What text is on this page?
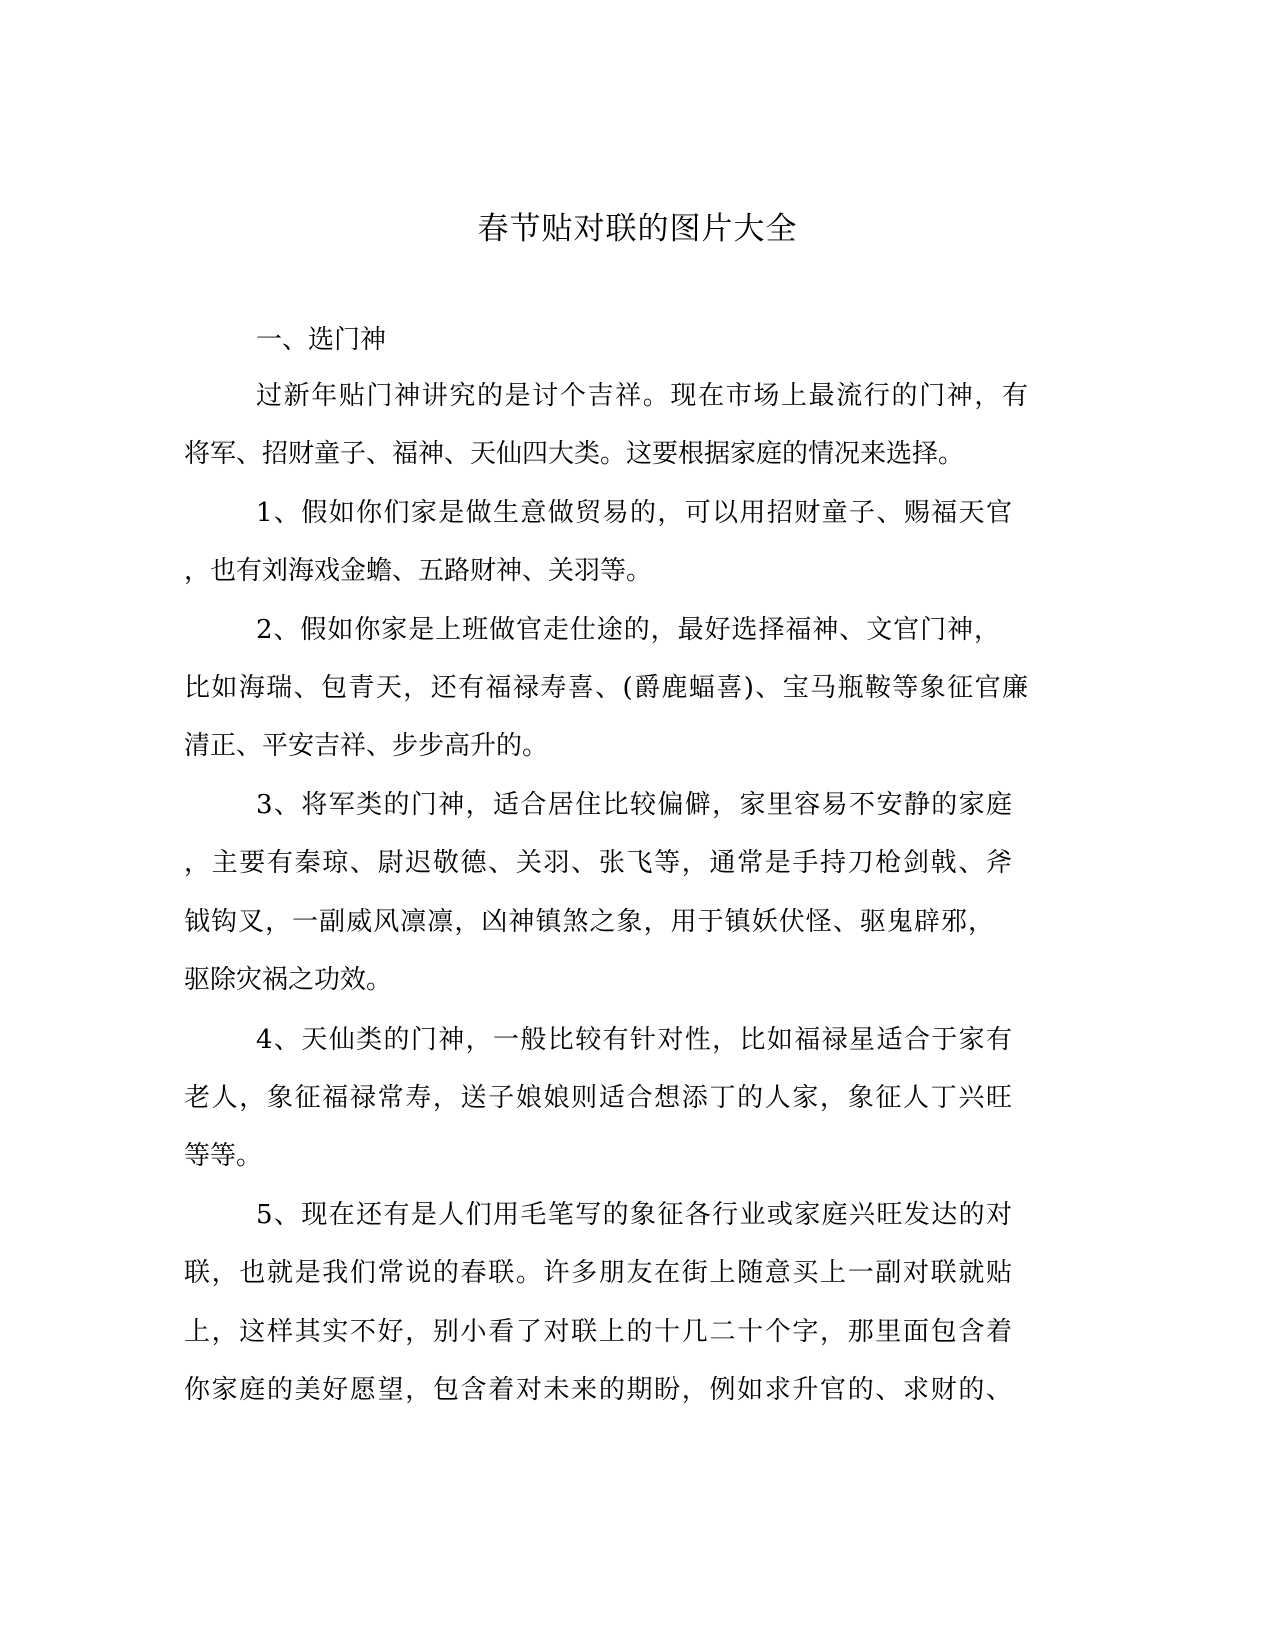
春节贴对联的图片大全
一、选门神
过新年贴门神讲究的是讨个吉祥。现在市场上最流行的门神，有
将军、招财童子、福神、天仙四大类。这要根据家庭的情况来选择。
1、假如你们家是做生意做贸易的，可以用招财童子、赐福天官
，也有刘海戏金蟾、五路财神、关羽等。
2、假如你家是上班做官走仕途的，最好选择福神、文官门神，
比如海瑞、包青天，还有福禄寿喜、(爵鹿蝠喜)、宝马瓶鞍等象征官廉
清正、平安吉祥、步步高升的。
3、将军类的门神，适合居住比较偏僻，家里容易不安静的家庭
，主要有秦琼、尉迟敬德、关羽、张飞等，通常是手持刀枪剑戟、斧
钺钩叉，一副威风凛凛，凶神镇煞之象，用于镇妖伏怪、驱鬼辟邪，
驱除灾祸之功效。
4、天仙类的门神，一般比较有针对性，比如福禄星适合于家有
老人，象征福禄常寿，送子娘娘则适合想添丁的人家，象征人丁兴旺
等等。
5、现在还有是人们用毛笔写的象征各行业或家庭兴旺发达的对
联，也就是我们常说的春联。许多朋友在街上随意买上一副对联就贴
上，这样其实不好，别小看了对联上的十几二十个字，那里面包含着
你家庭的美好愿望，包含着对未来的期盼，例如求升官的、求财的、
